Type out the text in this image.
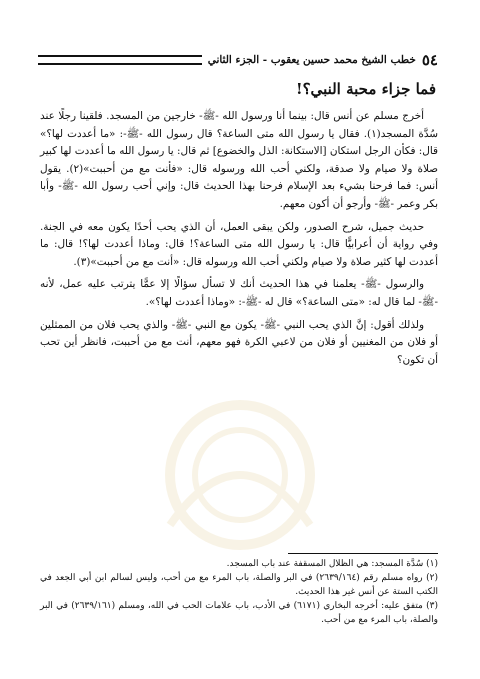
٥٤
خطب الشيخ محمد حسين يعقوب - الجزء الثاني
فما جزاء محبة النبي؟!

أخرج مسلم عن أنس قال: بينما أنا ورسول الله -ﷺ- خارجين من المسجد. فلقينا رجلًا عند سُدَّة المسجد(١). فقال يا رسول الله متى الساعة؟ قال رسول الله -ﷺ-: «ما أعددت لها؟» قال: فكأن الرجل استكان [الاستكانة: الذل والخضوع] ثم قال: يا رسول الله ما أعددت لها كبير صلاة ولا صيام ولا صدقة، ولكني أحب الله ورسوله قال: «فأنت مع من أحببت»(٢). يقول أنس: فما فرحنا بشيء بعد الإسلام فرحنا بهذا الحديث قال: وإني أحب رسول الله -ﷺ- وأبا بكر وعمر -ﷺ- وأرجو أن أكون معهم.

حديث جميل، شرح الصدور، ولكن يبقى العمل، أن الذي يحب أحدًا يكون معه في الجنة. وفي رواية أن أعرابيًّا قال: يا رسول الله متى الساعة؟! قال: وماذا أعددت لها؟! قال: ما أعددت لها كثير صلاة ولا صيام ولكني أحب الله ورسوله قال: «أنت مع من أحببت»(٣).

والرسول -ﷺ- يعلمنا في هذا الحديث أنك لا تسأل سؤالًا إلا عمًّا يترتب عليه عمل، لأنه -ﷺ- لما قال له: «متى الساعة؟» قال له -ﷺ-: «وماذا أعددت لها؟».

ولذلك أقول: إنَّ الذي يحب النبي -ﷺ- يكون مع النبي -ﷺ- والذي يحب فلان من الممثلين أو فلان من المغنيين أو فلان من لاعبي الكرة فهو معهم، أنت مع من أحببت، فانظر أين تحب أن تكون؟

(١) سُدَّة المسجد: هي الظلال المسقفة عند باب المسجد.
(٢) رواه مسلم رقم (٢٦٣٩/١٦٤) في البر والصلة، باب المرء مع من أحب، وليس لسالم ابن أبي الجعد في الكتب الستة عن أنس غير هذا الحديث.
(٣) متفق عليه: أخرجه البخاري (٦١٧١) في الأدب، باب علامات الحب في الله، ومسلم (٢٦٣٩/١٦١) في البر والصلة، باب المرء مع من أحب.
